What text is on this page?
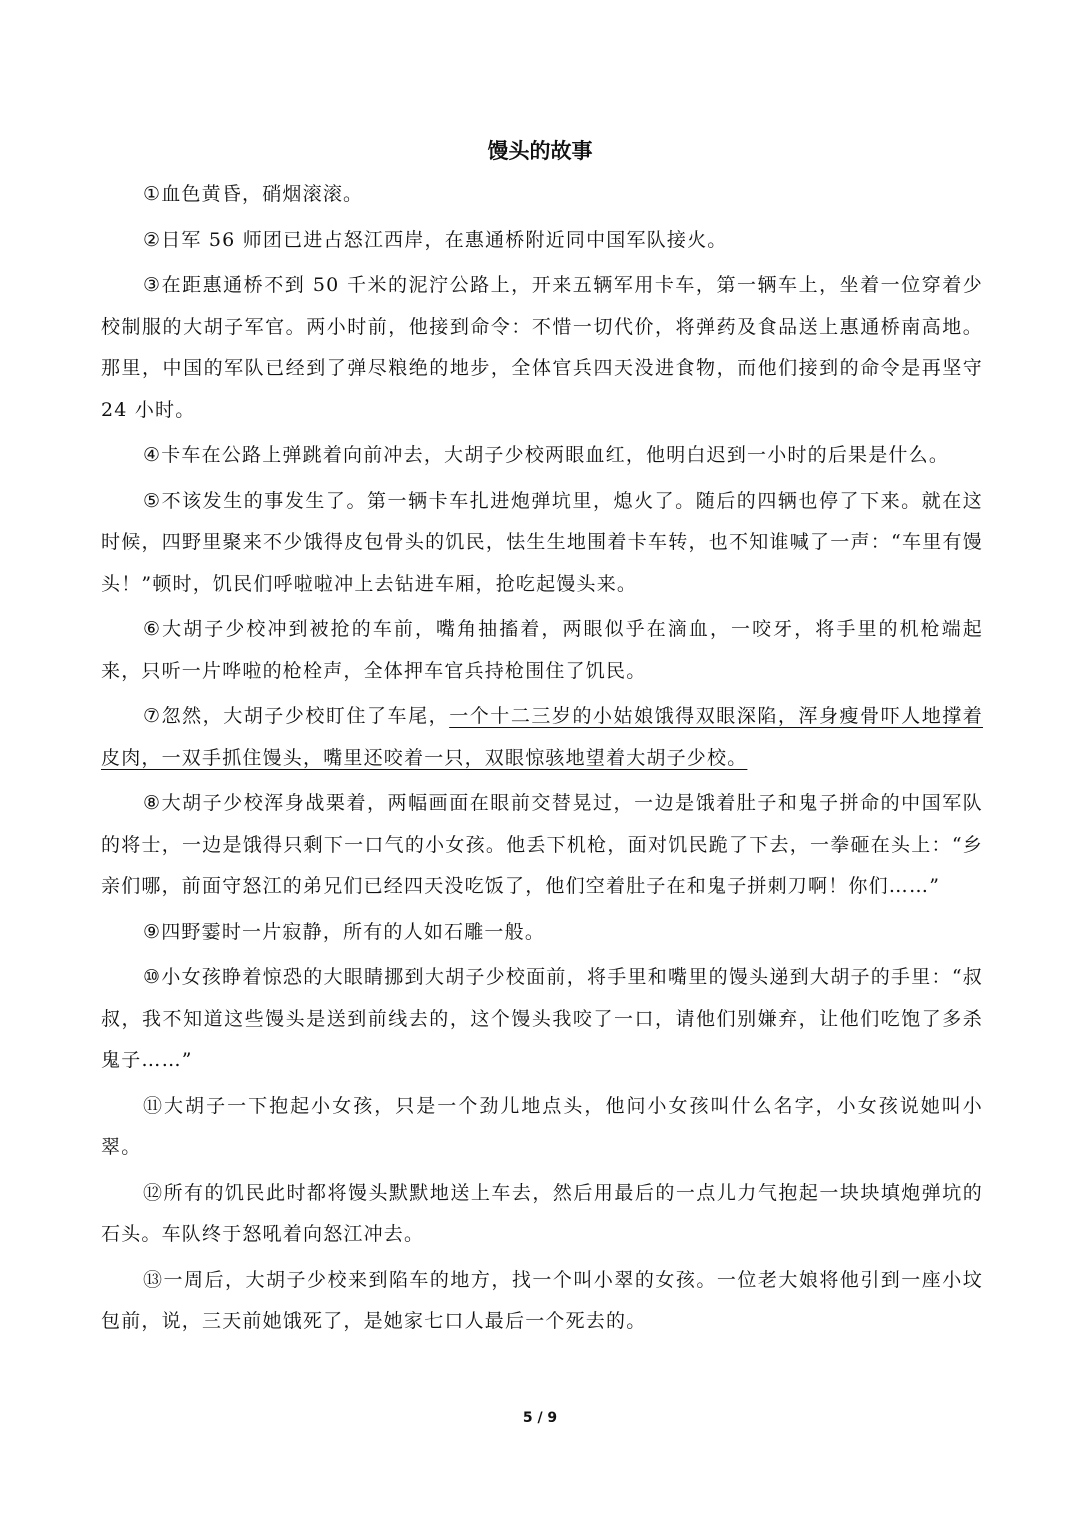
馒头的故事

①血色黄昏，硝烟滚滚。

②日军 56 师团已进占怒江西岸，在惠通桥附近同中国军队接火。

③在距惠通桥不到 50 千米的泥泞公路上，开来五辆军用卡车，第一辆车上，坐着一位穿着少校制服的大胡子军官。两小时前，他接到命令：不惜一切代价，将弹药及食品送上惠通桥南高地。那里，中国的军队已经到了弹尽粮绝的地步，全体官兵四天没进食物，而他们接到的命令是再坚守 24 小时。

④卡车在公路上弹跳着向前冲去，大胡子少校两眼血红，他明白迟到一小时的后果是什么。

⑤不该发生的事发生了。第一辆卡车扎进炮弹坑里，熄火了。随后的四辆也停了下来。就在这时候，四野里聚来不少饿得皮包骨头的饥民，怯生生地围着卡车转，也不知谁喊了一声：“车里有馒头！”顿时，饥民们呼啦啦冲上去钻进车厢，抢吃起馒头来。

⑥大胡子少校冲到被抢的车前，嘴角抽搐着，两眼似乎在滴血，一咬牙，将手里的机枪端起来，只听一片哗啦的枪栓声，全体押车官兵持枪围住了饥民。

⑦忽然，大胡子少校盯住了车尾，一个十二三岁的小姑娘饿得双眼深陷，浑身瘦骨吓人地撑着皮肉，一双手抓住馒头，嘴里还咬着一只，双眼惊骇地望着大胡子少校。

⑧大胡子少校浑身战栗着，两幅画面在眼前交替晃过，一边是饿着肚子和鬼子拼命的中国军队的将士，一边是饿得只剩下一口气的小女孩。他丢下机枪，面对饥民跪了下去，一拳砸在头上：“乡亲们哪，前面守怒江的弟兄们已经四天没吃饭了，他们空着肚子在和鬼子拼刺刀啊！你们……”

⑨四野霎时一片寂静，所有的人如石雕一般。

⑩小女孩睁着惊恐的大眼睛挪到大胡子少校面前，将手里和嘴里的馒头递到大胡子的手里：“叔叔，我不知道这些馒头是送到前线去的，这个馒头我咬了一口，请他们别嫌弃，让他们吃饱了多杀鬼子……”

⑪大胡子一下抱起小女孩，只是一个劲儿地点头，他问小女孩叫什么名字，小女孩说她叫小翠。

⑫所有的饥民此时都将馒头默默地送上车去，然后用最后的一点儿力气抱起一块块填炮弹坑的石头。车队终于怒吼着向怒江冲去。

⑬一周后，大胡子少校来到陷车的地方，找一个叫小翠的女孩。一位老大娘将他引到一座小坟包前，说，三天前她饿死了，是她家七口人最后一个死去的。

5 / 9
